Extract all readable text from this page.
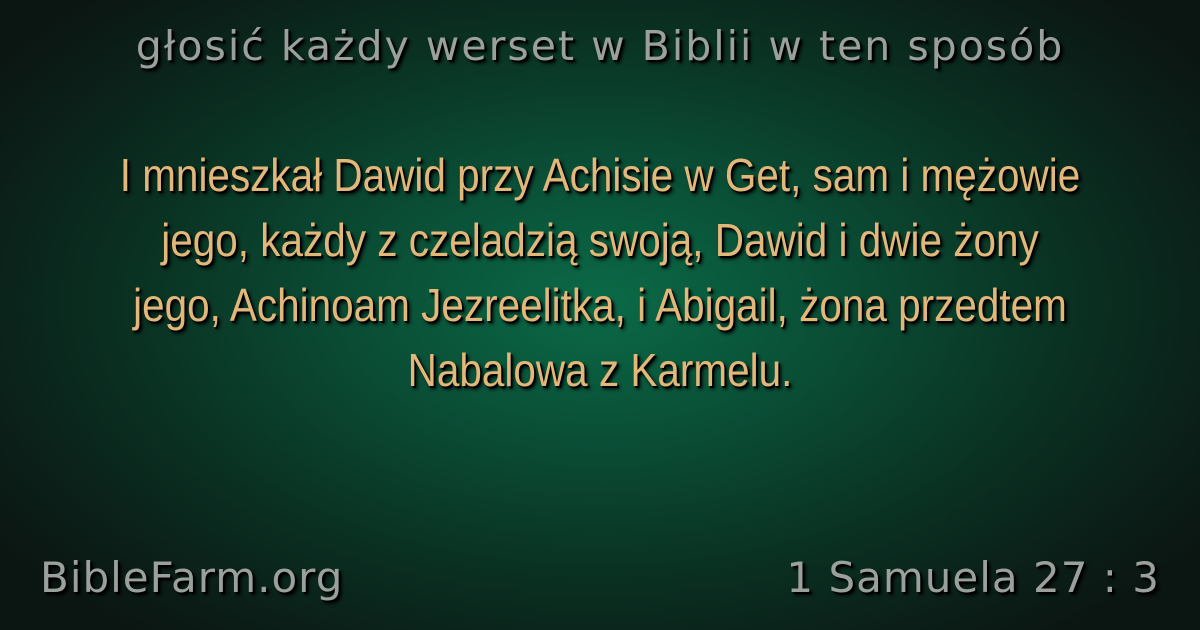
głosić każdy werset w Biblii w ten sposób
I mnieszkał Dawid przy Achisie w Get, sam i mężowie jego, każdy z czeladzią swoją, Dawid i dwie żony jego, Achinoam Jezreelitka, i Abigail, żona przedtem Nabalowa z Karmelu.
BibleFarm.org	1 Samuela 27 : 3
